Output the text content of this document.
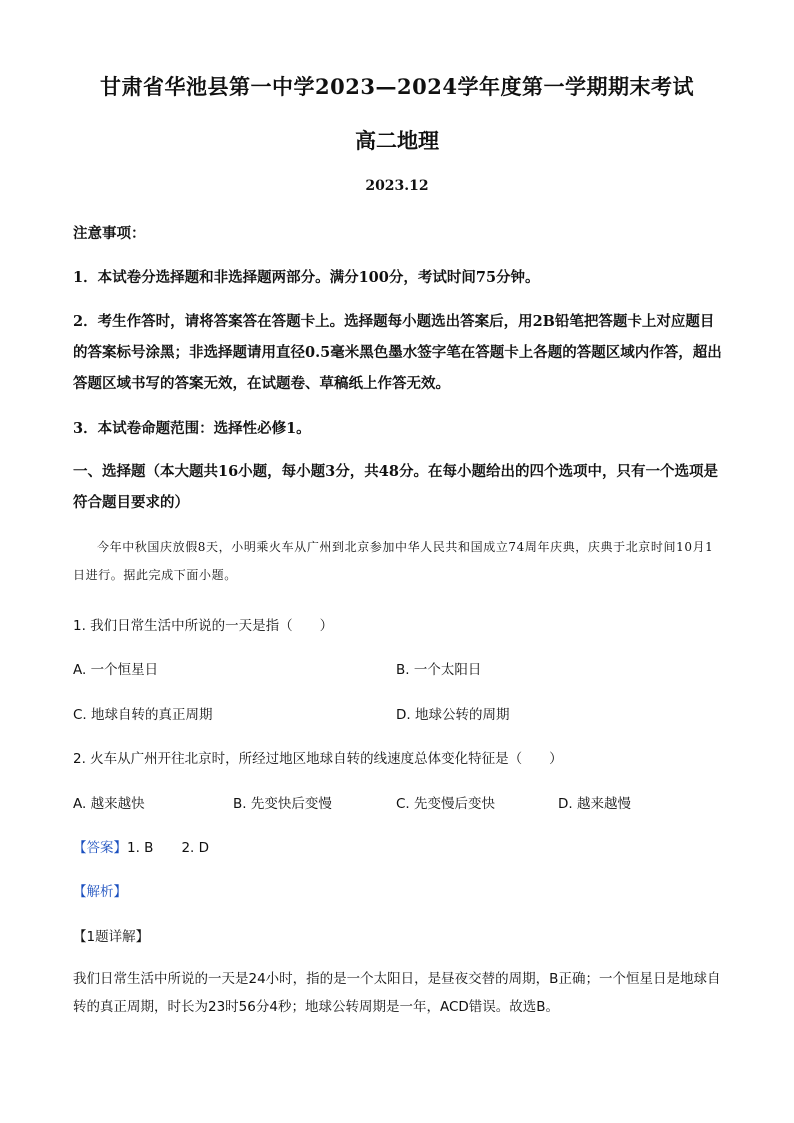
甘肃省华池县第一中学2023—2024学年度第一学期期末考试
高二地理
2023.12
注意事项：
1．本试卷分选择题和非选择题两部分。满分100分，考试时间75分钟。
2．考生作答时，请将答案答在答题卡上。选择题每小题选出答案后，用2B铅笔把答题卡上对应题目的答案标号涂黑；非选择题请用直径0.5毫米黑色墨水签字笔在答题卡上各题的答题区域内作答，超出答题区域书写的答案无效，在试题卷、草稿纸上作答无效。
3．本试卷命题范围：选择性必修1。
一、选择题（本大题共16小题，每小题3分，共48分。在每小题给出的四个选项中，只有一个选项是符合题目要求的）
今年中秋国庆放假8天，小明乘火车从广州到北京参加中华人民共和国成立74周年庆典，庆典于北京时间10月1日进行。据此完成下面小题。
1. 我们日常生活中所说的一天是指（　　）
A. 一个恒星日	B. 一个太阳日
C. 地球自转的真正周期	D. 地球公转的周期
2. 火车从广州开往北京时，所经过地区地球自转的线速度总体变化特征是（　　）
A. 越来越快	B. 先变快后变慢	C. 先变慢后变快	D. 越来越慢
【答案】1. B 2. D
【解析】
【1题详解】
我们日常生活中所说的一天是24小时，指的是一个太阳日，是昼夜交替的周期，B正确；一个恒星日是地球自转的真正周期，时长为23时56分4秒；地球公转周期是一年，ACD错误。故选B。
